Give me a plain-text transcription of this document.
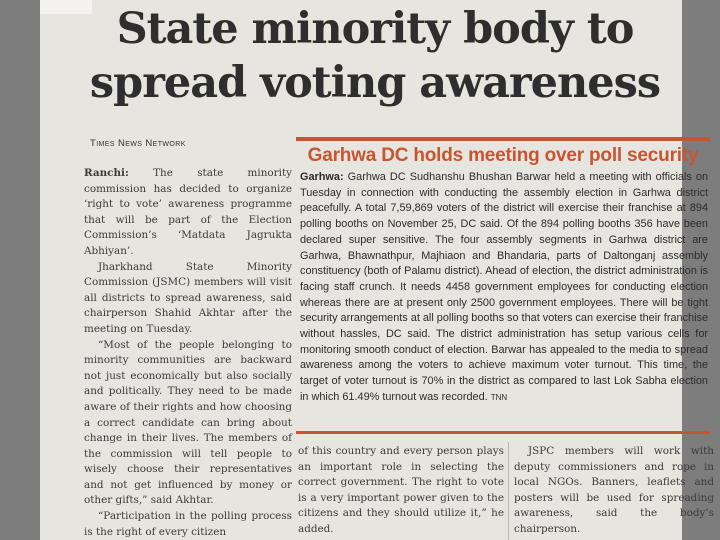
State minority body to
spread voting awareness
Times News Network

Ranchi: The state minority commission has decided to organize ‘right to vote’ awareness programme that will be part of the Election Commission’s ‘Matdata Jagrukta Abhiyan’.

Jharkhand State Minority Commission (JSMC) members will visit all districts to spread awareness, said chairperson Shahid Akhtar after the meeting on Tuesday.

“Most of the people belonging to minority communities are backward not just economically but also socially and politically. They need to be made aware of their rights and how choosing a correct candidate can bring about change in their lives. The members of the commission will tell people to wisely choose their representatives and not get influenced by money or other gifts,” said Akhtar.

“Participation in the polling process is the right of every citizen

Garhwa DC holds meeting over poll security

Garhwa: Garhwa DC Sudhanshu Bhushan Barwar held a meeting with officials on Tuesday in connection with conducting the assembly election in Garhwa district peacefully. A total 7,59,869 voters of the district will exercise their franchise at 894 polling booths on November 25, DC said. Of the 894 polling booths 356 have been declared super sensitive. The four assembly segments in Garhwa district are Garhwa, Bhawnathpur, Majhiaon and Bhandaria, parts of Daltonganj assembly constituency (both of Palamu district). Ahead of election, the district administration is facing staff crunch. It needs 4458 government employees for conducting election whereas there are at present only 2500 government employees. There will be tight security arrangements at all polling booths so that voters can exercise their franchise without hassles, DC said. The district administration has setup various cells for monitoring smooth conduct of election. Barwar has appealed to the media to spread awareness among the voters to achieve maximum voter turnout. This time, the target of voter turnout is 70% in the district as compared to last Lok Sabha election in which 61.49% turnout was recorded. TNN

of this country and every person plays an important role in selecting the correct government. The right to vote is a very important power given to the citizens and they should utilize it,” he added.

JSPC members will work with deputy commissioners and rope in local NGOs. Banners, leaflets and posters will be used for spreading awareness, said the body’s chairperson.
